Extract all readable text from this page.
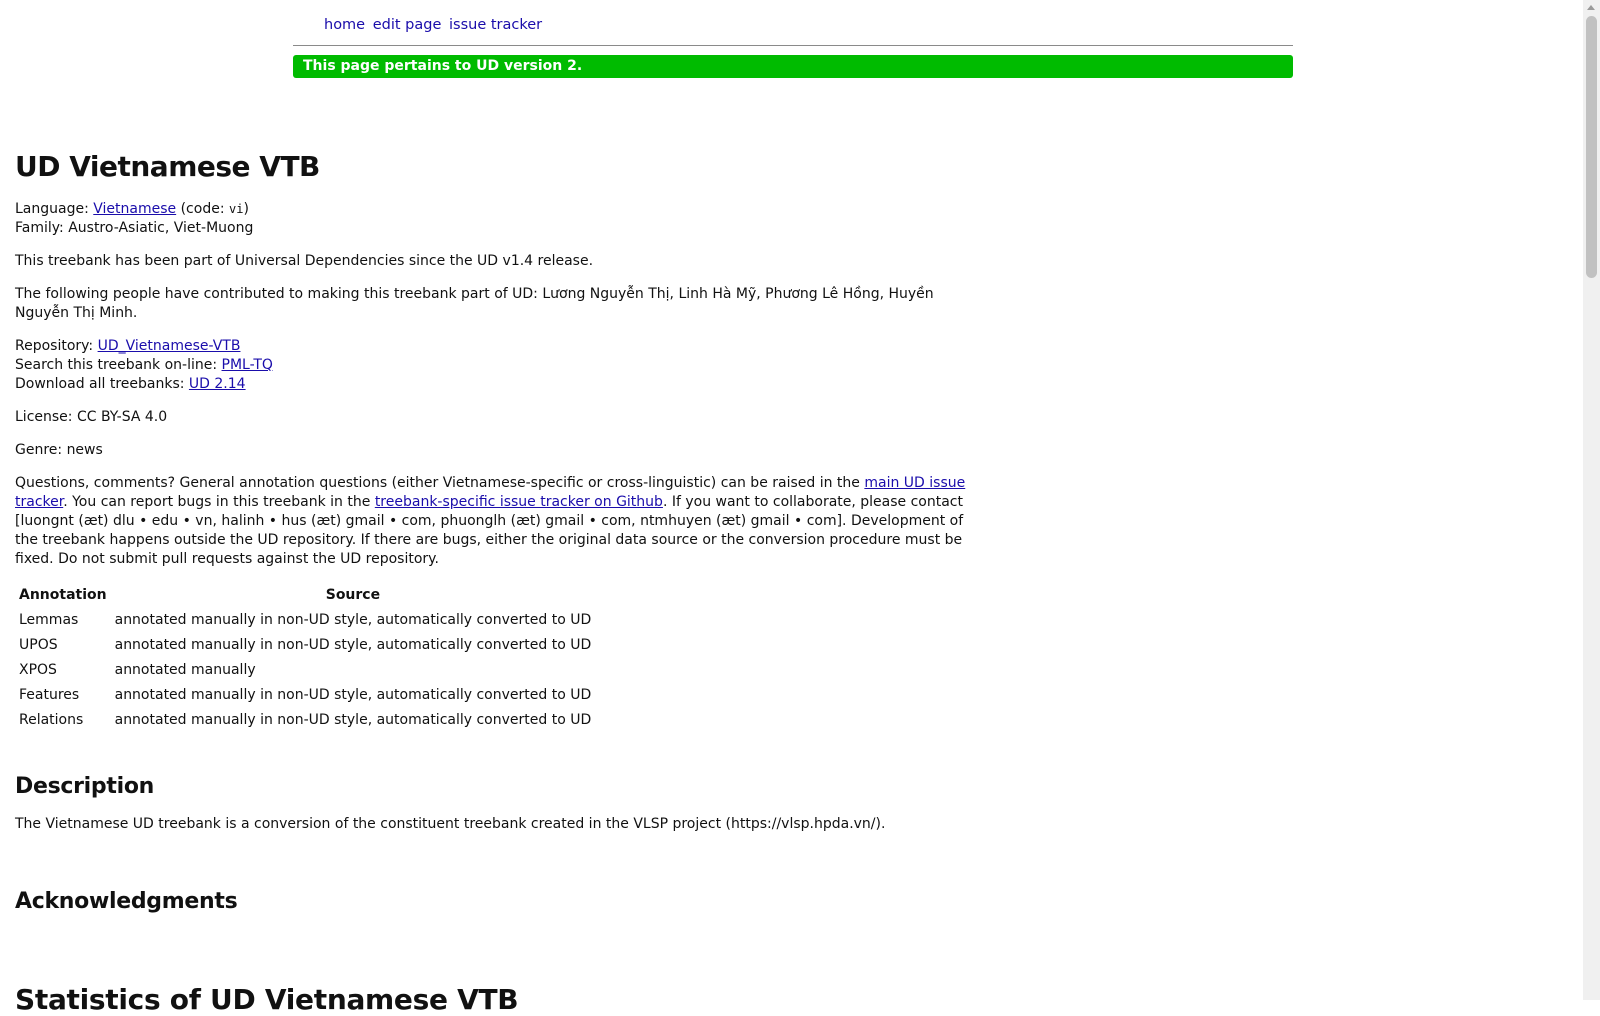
home edit page issue tracker
This page pertains to UD version 2.
UD Vietnamese VTB

Language: Vietnamese (code: vi)
Family: Austro-Asiatic, Viet-Muong

This treebank has been part of Universal Dependencies since the UD v1.4 release.

The following people have contributed to making this treebank part of UD: Lương Nguyễn Thị, Linh Hà Mỹ, Phương Lê Hồng, Huyền Nguyễn Thị Minh.

Repository: UD_Vietnamese-VTB
Search this treebank on-line: PML-TQ
Download all treebanks: UD 2.14

License: CC BY-SA 4.0

Genre: news

Questions, comments? General annotation questions (either Vietnamese-specific or cross-linguistic) can be raised in the main UD issue tracker. You can report bugs in this treebank in the treebank-specific issue tracker on Github. If you want to collaborate, please contact [luongnt (æt) dlu • edu • vn, halinh • hus (æt) gmail • com, phuonglh (æt) gmail • com, ntmhuyen (æt) gmail • com]. Development of the treebank happens outside the UD repository. If there are bugs, either the original data source or the conversion procedure must be fixed. Do not submit pull requests against the UD repository.

Annotation	Source
Lemmas	annotated manually in non-UD style, automatically converted to UD
UPOS	annotated manually in non-UD style, automatically converted to UD
XPOS	annotated manually
Features	annotated manually in non-UD style, automatically converted to UD
Relations	annotated manually in non-UD style, automatically converted to UD
Description

The Vietnamese UD treebank is a conversion of the constituent treebank created in the VLSP project (https://vlsp.hpda.vn/).

Acknowledgments
Statistics of UD Vietnamese VTB
